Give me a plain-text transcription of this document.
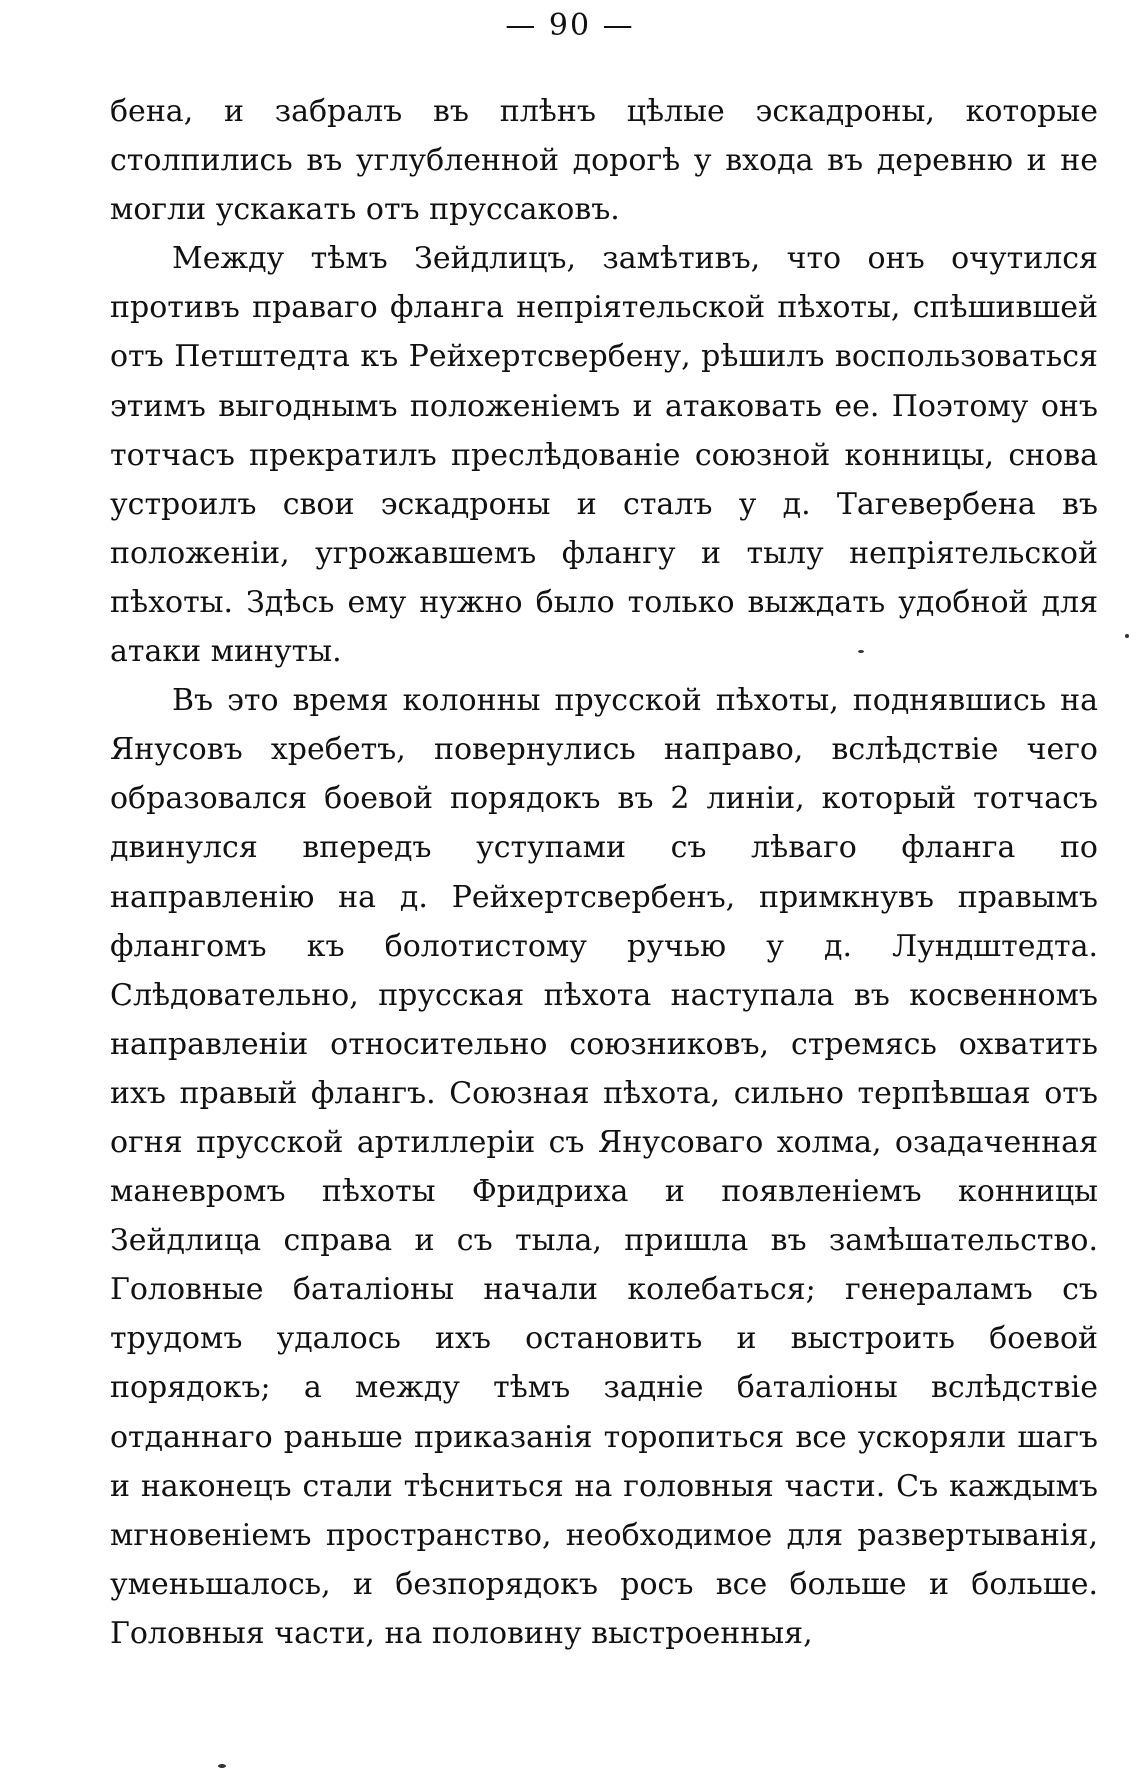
— 90 —

бена, и забралъ въ плѣнъ цѣлые эскадроны, которые столпились въ углубленной дорогѣ у входа въ деревню и не могли ускакать отъ пруссаковъ.

Между тѣмъ Зейдлицъ, замѣтивъ, что онъ очутился противъ праваго фланга непріятельской пѣхоты, спѣшившей отъ Петштедта къ Рейхертсвербену, рѣшилъ воспользоваться этимъ выгоднымъ положеніемъ и атаковать ее. Поэтому онъ тотчасъ прекратилъ преслѣдованіе союзной конницы, снова устроилъ свои эскадроны и сталъ у д. Тагевербена въ положеніи, угрожавшемъ флангу и тылу непріятельской пѣхоты. Здѣсь ему нужно было только выждать удобной для атаки минуты.

Въ это время колонны прусской пѣхоты, поднявшись на Янусовъ хребетъ, повернулись направо, вслѣдствіе чего образовался боевой порядокъ въ 2 линіи, который тотчасъ двинулся впередъ уступами съ лѣваго фланга по направленію на д. Рейхертсвербенъ, примкнувъ правымъ флангомъ къ болотистому ручью у д. Лундштедта. Слѣдовательно, прусская пѣхота наступала въ косвенномъ направленіи относительно союзниковъ, стремясь охватить ихъ правый флангъ. Союзная пѣхота, сильно терпѣвшая отъ огня прусской артиллеріи съ Янусоваго холма, озадаченная маневромъ пѣхоты Фридриха и появленіемъ конницы Зейдлица справа и съ тыла, пришла въ замѣшательство. Головные баталіоны начали колебаться; генераламъ съ трудомъ удалось ихъ остановить и выстроить боевой порядокъ; а между тѣмъ задніе баталіоны вслѣдствіе отданнаго раньше приказанія торопиться все ускоряли шагъ и наконецъ стали тѣсниться на головныя части. Съ каждымъ мгновеніемъ пространство, необходимое для развертыванія, уменьшалось, и безпорядокъ росъ все больше и больше. Головныя части, на половину выстроенныя,
